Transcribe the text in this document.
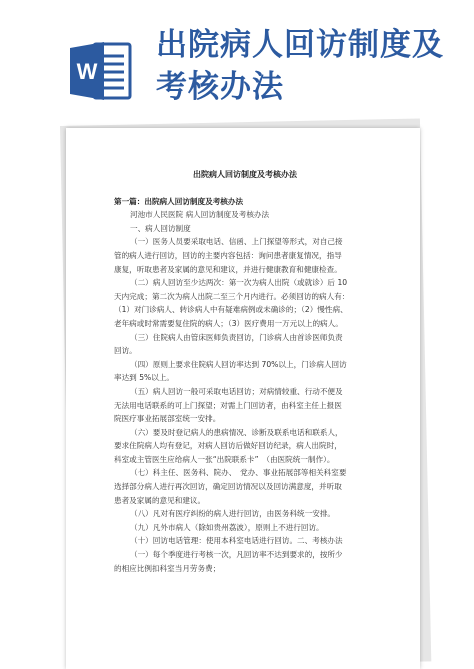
W
出院病人回访制度及考核办法

出院病人回访制度及考核办法

第一篇：出院病人回访制度及考核办法

河池市人民医院 病人回访制度及考核办法

一、病人回访制度

（一）医务人员要采取电话、信函、上门探望等形式，对自己接

管的病人进行回访，回访的主要内容包括：询问患者康复情况，指导

康复，听取患者及家属的意见和建议，并进行健康教育和健康检查。

（二）病人回访至少达两次：第一次为病人出院（或就诊）后 10

天内完成；第二次为病人出院二至三个月内进行。必须回访的病人有：

（1）对门诊病人、转诊病人中有疑难病例或未确诊的；（2）慢性病、

老年病或时常需要复住院的病人；（3）医疗费用一万元以上的病人。

（三）住院病人由管床医师负责回访，门诊病人由首诊医师负责

回访。

（四）原则上要求住院病人回访率达到 70%以上，门诊病人回访

率达到 5%以上。

（五）病人回访一般可采取电话回访；对病情较重、行动不便及

无法用电话联系的可上门探望；对需上门回访者，由科室主任上报医

院医疗事业拓展部室统一安排。

（六）要及时登记病人的患病情况、诊断及联系电话和联系人，

要求住院病人均有登记，对病人回访后做好回访纪录，病人出院时，

科室或主管医生应给病人一张“出院联系卡”　（由医院统一制作）。

（七）科主任、医务科、院办、　党办、事业拓展部等相关科室要

选择部分病人进行再次回访，确定回访情况以及回访满意度，并听取

患者及家属的意见和建议。

（八）凡对有医疗纠纷的病人进行回访，由医务科统一安排。

（九）凡外市病人（除如贵州荔波），原则上不进行回访。

（十）回访电话管理：使用本科室电话进行回访。二、考核办法

（一）每个季度进行考核一次，凡回访率不达到要求的，按所少

的相应比例扣科室当月劳务费；
